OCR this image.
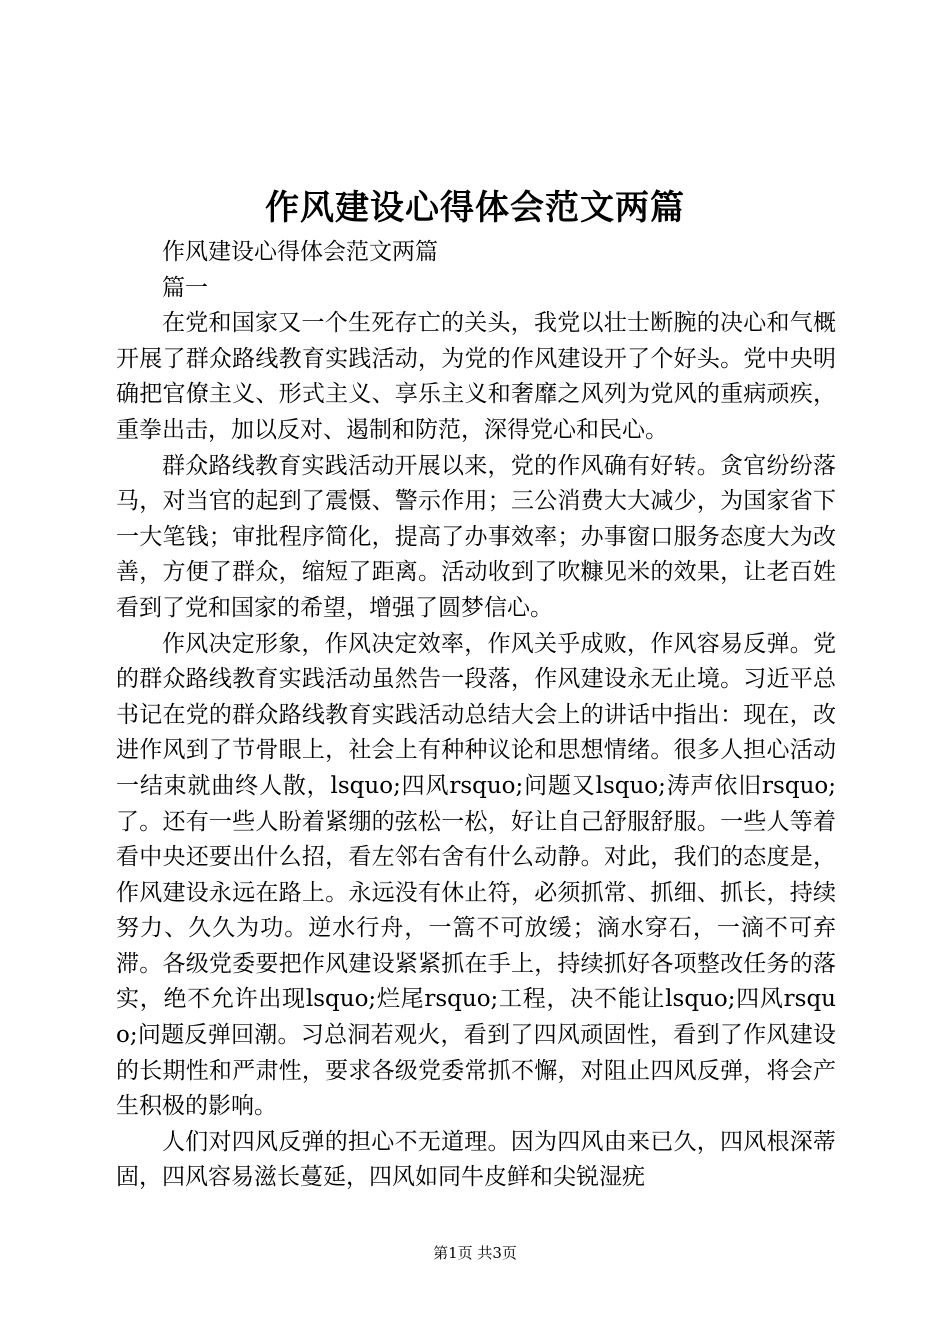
作风建设心得体会范文两篇

作风建设心得体会范文两篇

篇一

在党和国家又一个生死存亡的关头，我党以壮士断腕的决心和气概开展了群众路线教育实践活动，为党的作风建设开了个好头。党中央明确把官僚主义、形式主义、享乐主义和奢靡之风列为党风的重病顽疾，重拳出击，加以反对、遏制和防范，深得党心和民心。

群众路线教育实践活动开展以来，党的作风确有好转。贪官纷纷落马，对当官的起到了震慑、警示作用；三公消费大大减少，为国家省下一大笔钱；审批程序简化，提高了办事效率；办事窗口服务态度大为改善，方便了群众，缩短了距离。活动收到了吹糠见米的效果，让老百姓看到了党和国家的希望，增强了圆梦信心。

作风决定形象，作风决定效率，作风关乎成败，作风容易反弹。党的群众路线教育实践活动虽然告一段落，作风建设永无止境。习近平总书记在党的群众路线教育实践活动总结大会上的讲话中指出：现在，改进作风到了节骨眼上，社会上有种种议论和思想情绪。很多人担心活动一结束就曲终人散，lsquo;四风rsquo;问题又lsquo;涛声依旧rsquo;了。还有一些人盼着紧绷的弦松一松，好让自己舒服舒服。一些人等着看中央还要出什么招，看左邻右舍有什么动静。对此，我们的态度是，作风建设永远在路上。永远没有休止符，必须抓常、抓细、抓长，持续努力、久久为功。逆水行舟，一篙不可放缓；滴水穿石，一滴不可弃滞。各级党委要把作风建设紧紧抓在手上，持续抓好各项整改任务的落实，绝不允许出现lsquo;烂尾rsquo;工程，决不能让lsquo;四风rsquo;问题反弹回潮。习总洞若观火，看到了四风顽固性，看到了作风建设的长期性和严肃性，要求各级党委常抓不懈，对阻止四风反弹，将会产生积极的影响。

人们对四风反弹的担心不无道理。因为四风由来已久，四风根深蒂固，四风容易滋长蔓延，四风如同牛皮鲜和尖锐湿疣

第1页 共3页
